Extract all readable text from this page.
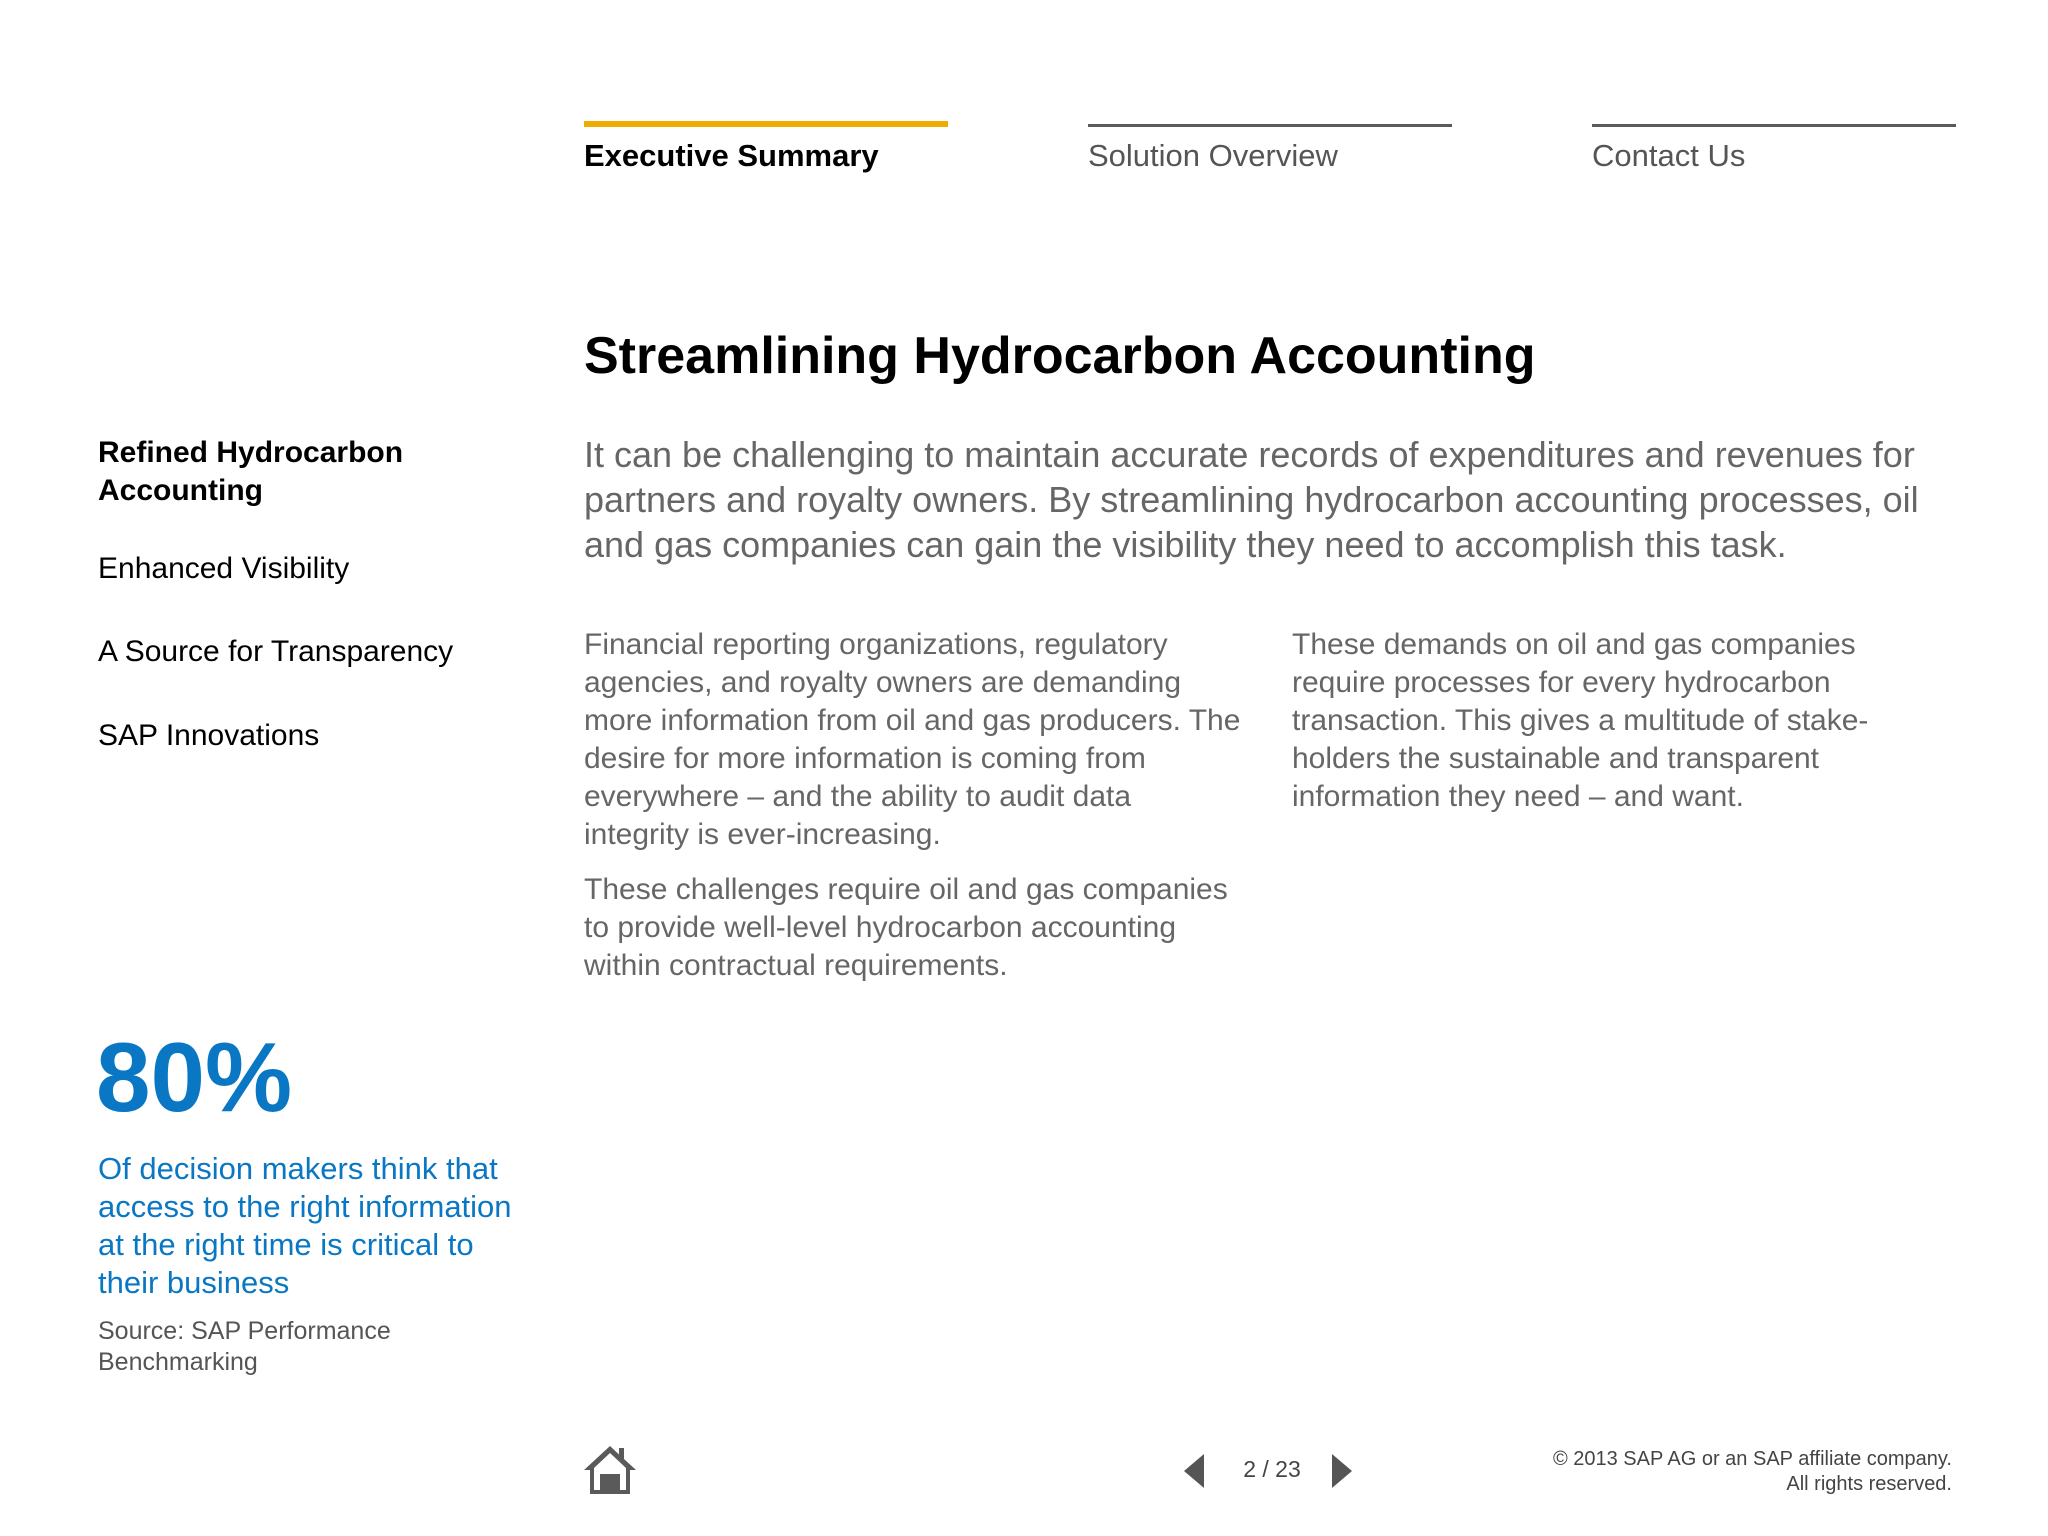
Executive Summary	Solution Overview	Contact Us
Refined Hydrocarbon Accounting
Enhanced Visibility
A Source for Transparency
SAP Innovations
80%
Of decision makers think that access to the right information at the right time is critical to their business
Source: SAP Performance Benchmarking
Streamlining Hydrocarbon Accounting
It can be challenging to maintain accurate records of expenditures and revenues for partners and royalty owners. By streamlining hydrocarbon accounting processes, oil and gas companies can gain the visibility they need to accomplish this task.

Financial reporting organizations, regulatory agencies, and royalty owners are demanding more information from oil and gas producers. The desire for more information is coming from everywhere – and the ability to audit data integrity is ever-increasing.

These challenges require oil and gas companies to provide well-level hydrocarbon accounting within contractual requirements.

These demands on oil and gas companies require processes for every hydrocarbon transaction. This gives a multitude of stake-holders the sustainable and transparent information they need – and want.

2 / 23	© 2013 SAP AG or an SAP affiliate company.
All rights reserved.
